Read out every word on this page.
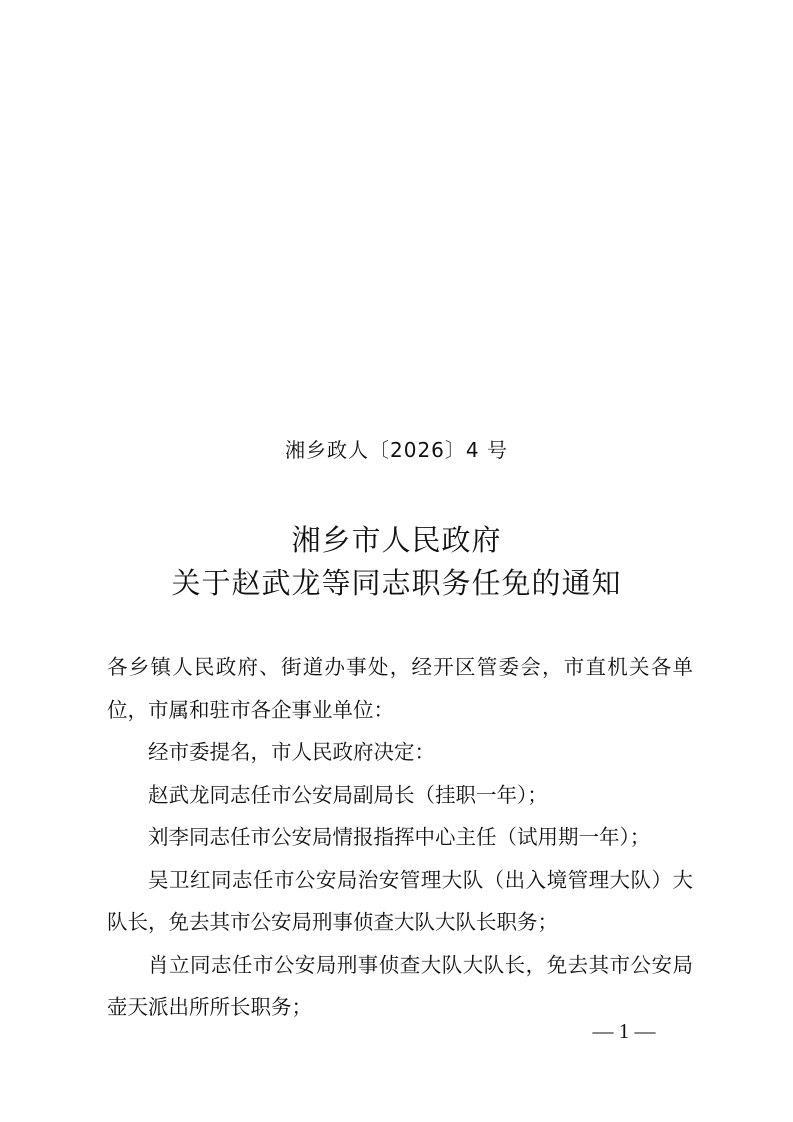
湘乡政人〔2026〕4 号
湘乡市人民政府
关于赵武龙等同志职务任免的通知

各乡镇人民政府、街道办事处，经开区管委会，市直机关各单位，市属和驻市各企事业单位：

经市委提名，市人民政府决定：

赵武龙同志任市公安局副局长（挂职一年）；

刘李同志任市公安局情报指挥中心主任（试用期一年）；

吴卫红同志任市公安局治安管理大队（出入境管理大队）大队长，免去其市公安局刑事侦查大队大队长职务；

肖立同志任市公安局刑事侦查大队大队长，免去其市公安局壶天派出所所长职务；

— 1 —
